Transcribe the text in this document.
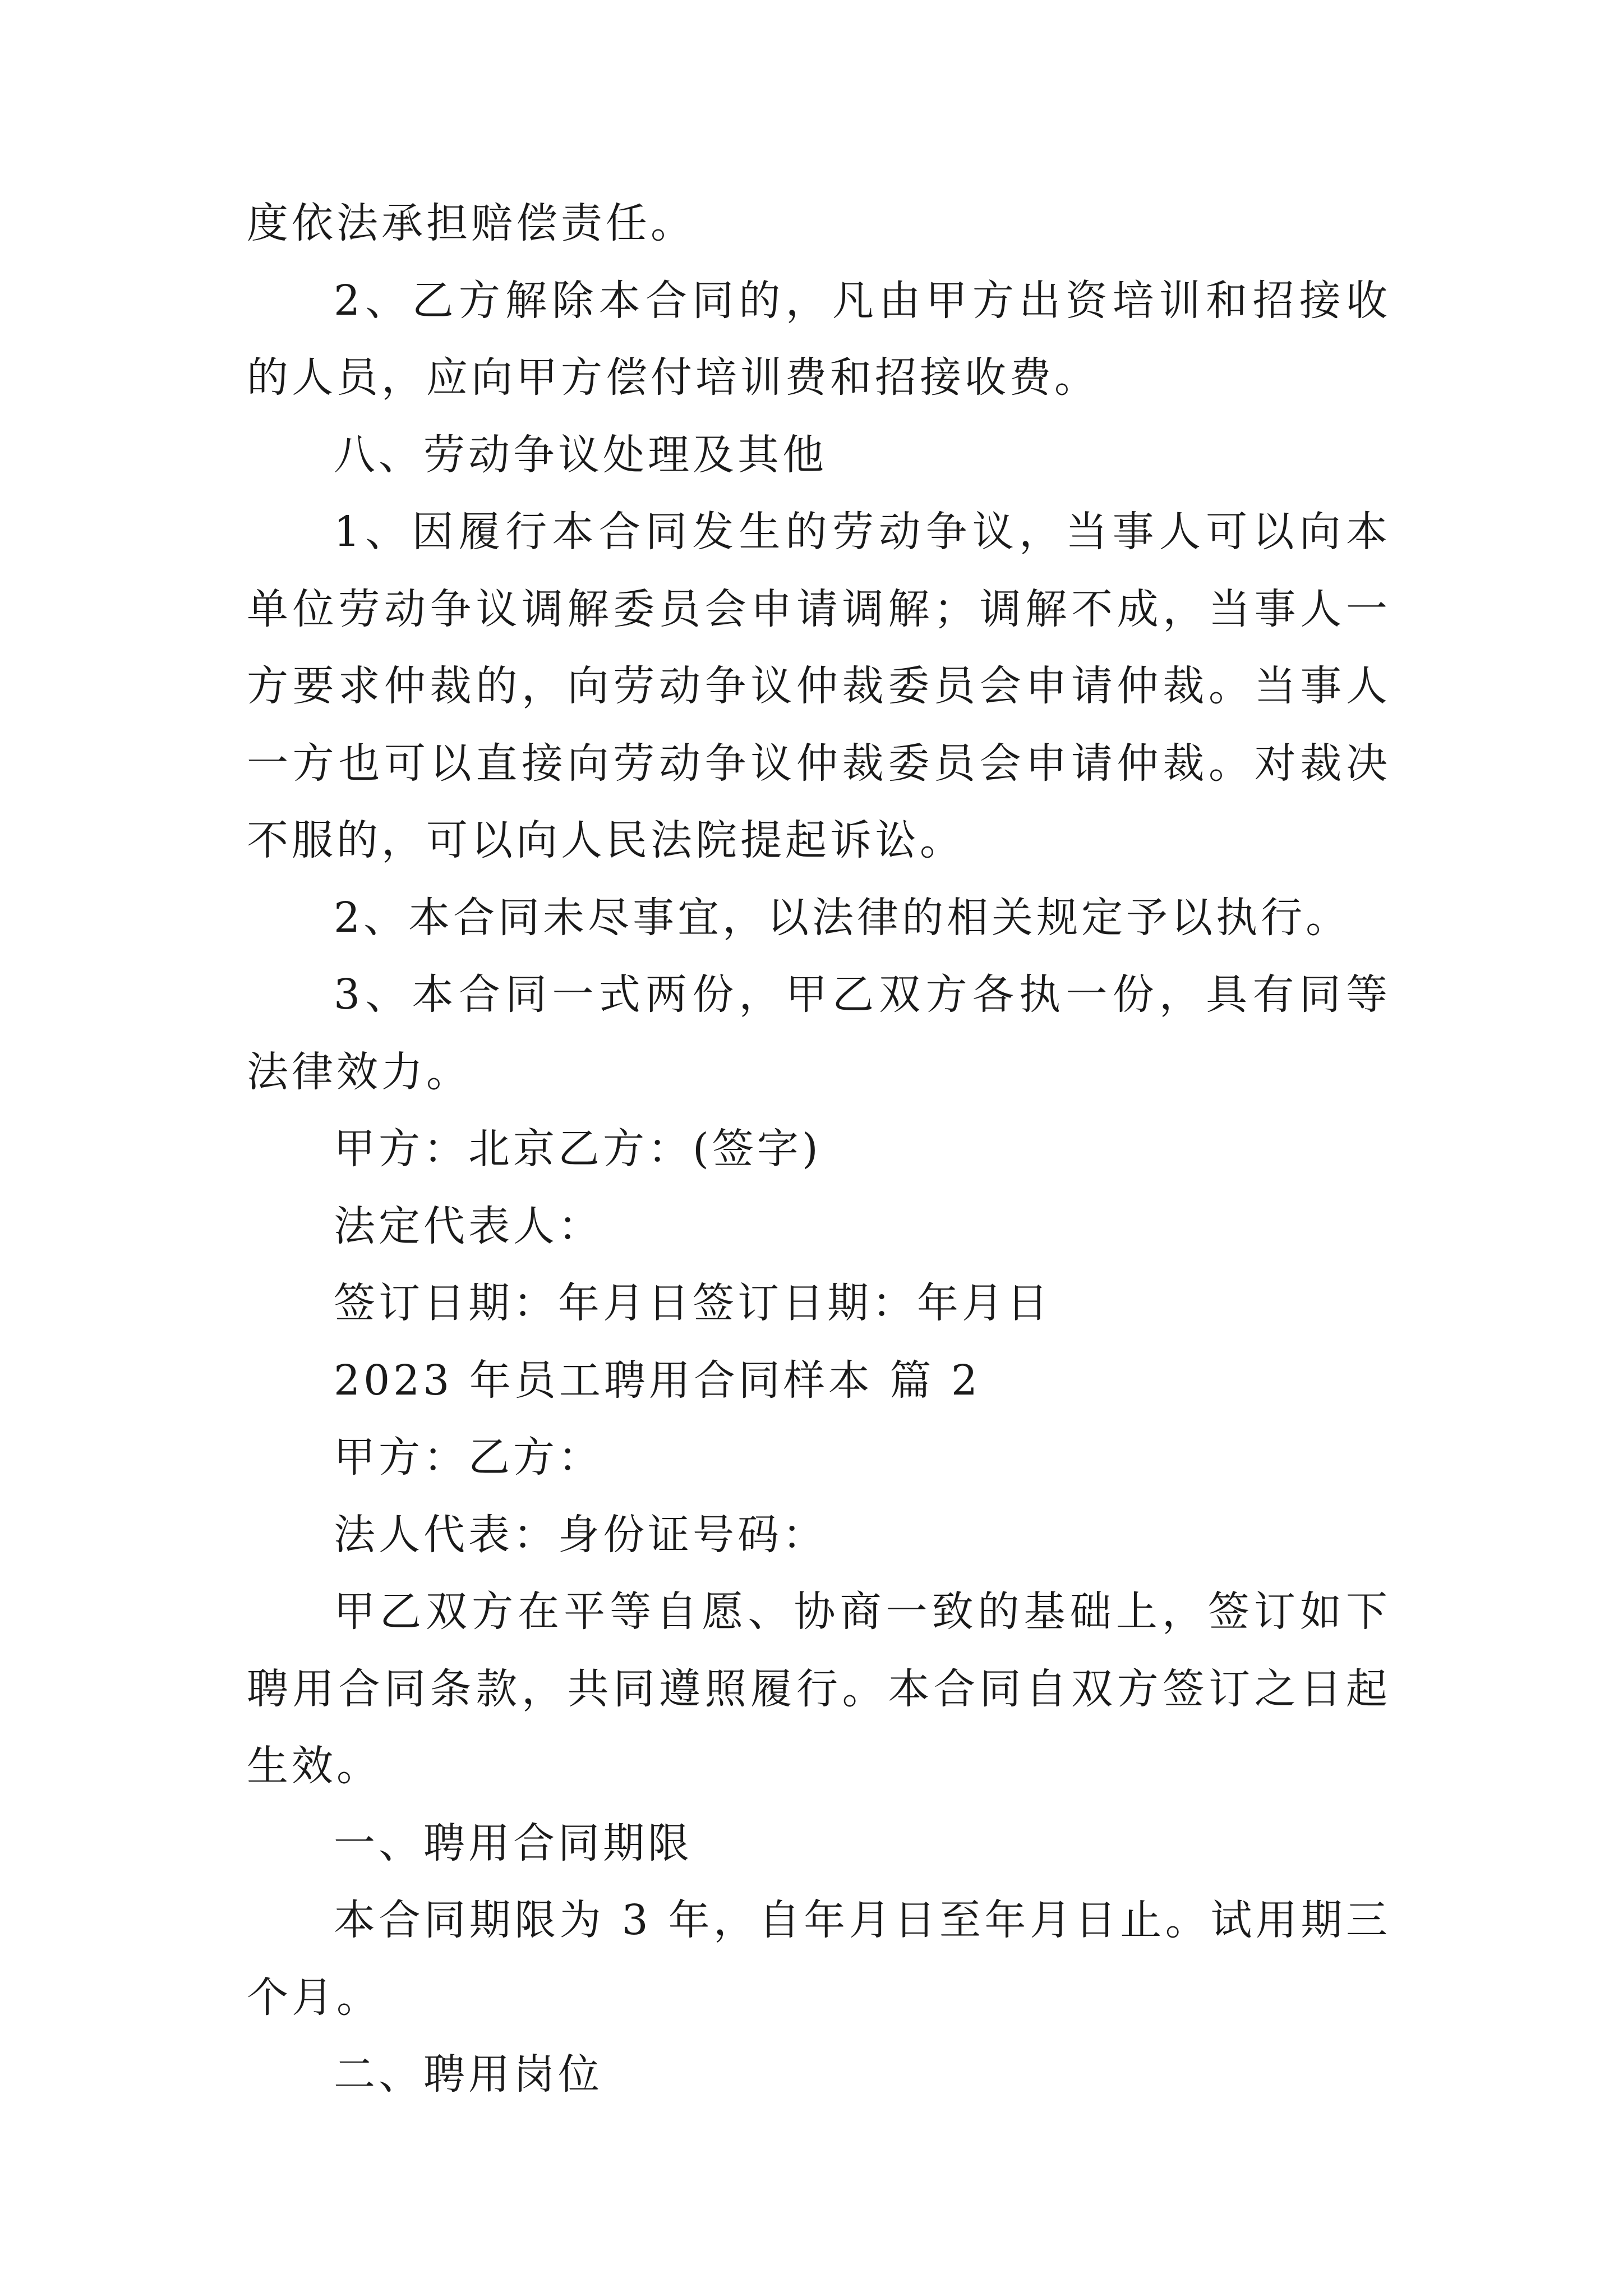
度依法承担赔偿责任。

2、乙方解除本合同的，凡由甲方出资培训和招接收的人员，应向甲方偿付培训费和招接收费。

八、劳动争议处理及其他

1、因履行本合同发生的劳动争议，当事人可以向本单位劳动争议调解委员会申请调解；调解不成，当事人一方要求仲裁的，向劳动争议仲裁委员会申请仲裁。当事人一方也可以直接向劳动争议仲裁委员会申请仲裁。对裁决不服的，可以向人民法院提起诉讼。

2、本合同未尽事宜，以法律的相关规定予以执行。

3、本合同一式两份，甲乙双方各执一份，具有同等法律效力。

甲方：北京乙方：(签字)

法定代表人：

签订日期：年月日签订日期：年月日

2023 年员工聘用合同样本 篇 2

甲方：乙方：

法人代表：身份证号码：

甲乙双方在平等自愿、协商一致的基础上，签订如下聘用合同条款，共同遵照履行。本合同自双方签订之日起生效。

一、聘用合同期限

本合同期限为 3 年，自年月日至年月日止。试用期三个月。

二、聘用岗位
